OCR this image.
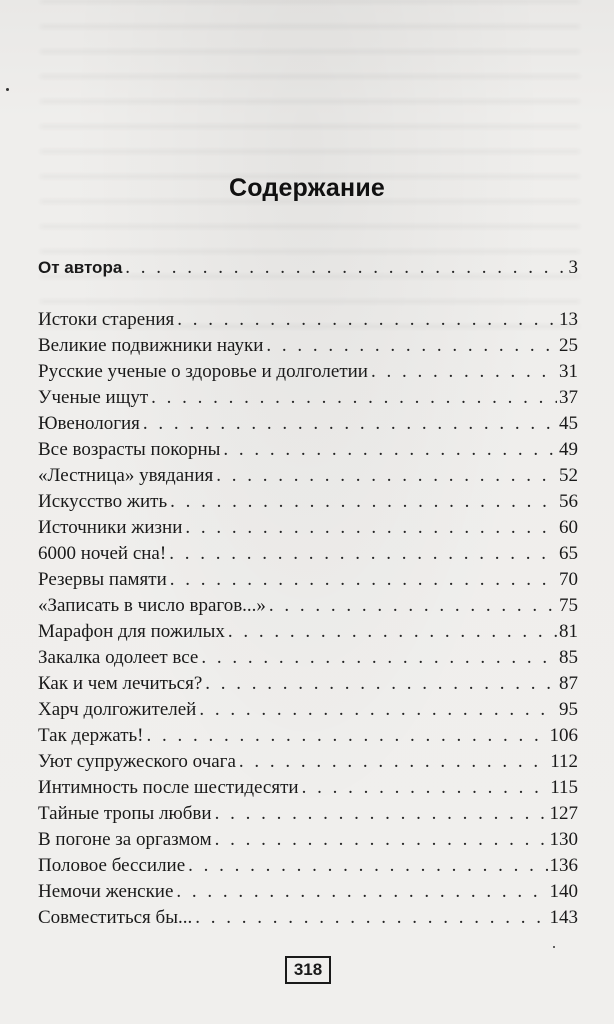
Содержание
От автора . . .	3
Истоки старения . . .	13
Великие подвижники науки . . .	25
Русские ученые о здоровье и долголетии . . .	31
Ученые ищут . . .	37
Ювенология . . .	45
Все возрасты покорны . . .	49
«Лестница» увядания . . .	52
Искусство жить . . .	56
Источники жизни . . .	60
6000 ночей сна! . . .	65
Резервы памяти . . .	70
«Записать в число врагов...» . . .	75
Марафон для пожилых . . .	81
Закалка одолеет все . . .	85
Как и чем лечиться? . . .	87
Харч долгожителей . . .	95
Так держать! . . .	106
Уют супружеского очага . . .	112
Интимность после шестидесяти . . .	115
Тайные тропы любви . . .	127
В погоне за оргазмом . . .	130
Половое бессилие . . .	136
Немочи женские . . .	140
Совместиться бы... . . .	143
318
